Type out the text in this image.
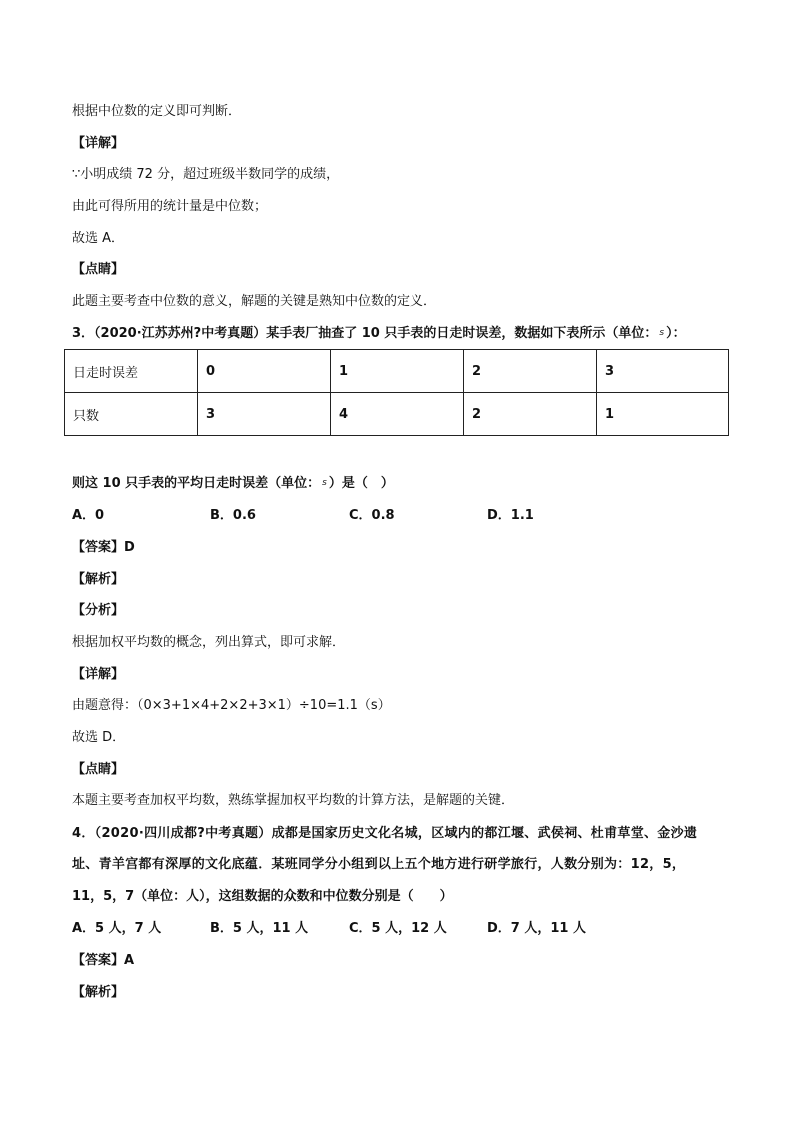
根据中位数的定义即可判断．
【详解】
∵小明成绩 72 分，超过班级半数同学的成绩，
由此可得所用的统计量是中位数；
故选 A．
【点睛】
此题主要考查中位数的意义，解题的关键是熟知中位数的定义．
3．（2020·江苏苏州?中考真题）某手表厂抽查了 10 只手表的日走时误差，数据如下表所示（单位： s ）：
日走时误差	0	1	2	3
只数	3	4	2	1
则这 10 只手表的平均日走时误差（单位： s ）是（　）
A．0	B．0.6	C．0.8	D．1.1
【答案】D
【解析】
【分析】
根据加权平均数的概念，列出算式，即可求解．
【详解】
由题意得：（0×3+1×4+2×2+3×1）÷10=1.1（s）
故选 D．
【点睛】
本题主要考查加权平均数，熟练掌握加权平均数的计算方法，是解题的关键．
4．（2020·四川成都?中考真题）成都是国家历史文化名城，区域内的都江堰、武侯祠、杜甫草堂、金沙遗
址、青羊宫都有深厚的文化底蕴．某班同学分小组到以上五个地方进行研学旅行，人数分别为：12，5，
11，5，7（单位：人），这组数据的众数和中位数分别是（　　）
A．5 人，7 人	B．5 人，11 人	C．5 人，12 人	D．7 人，11 人
【答案】A
【解析】
